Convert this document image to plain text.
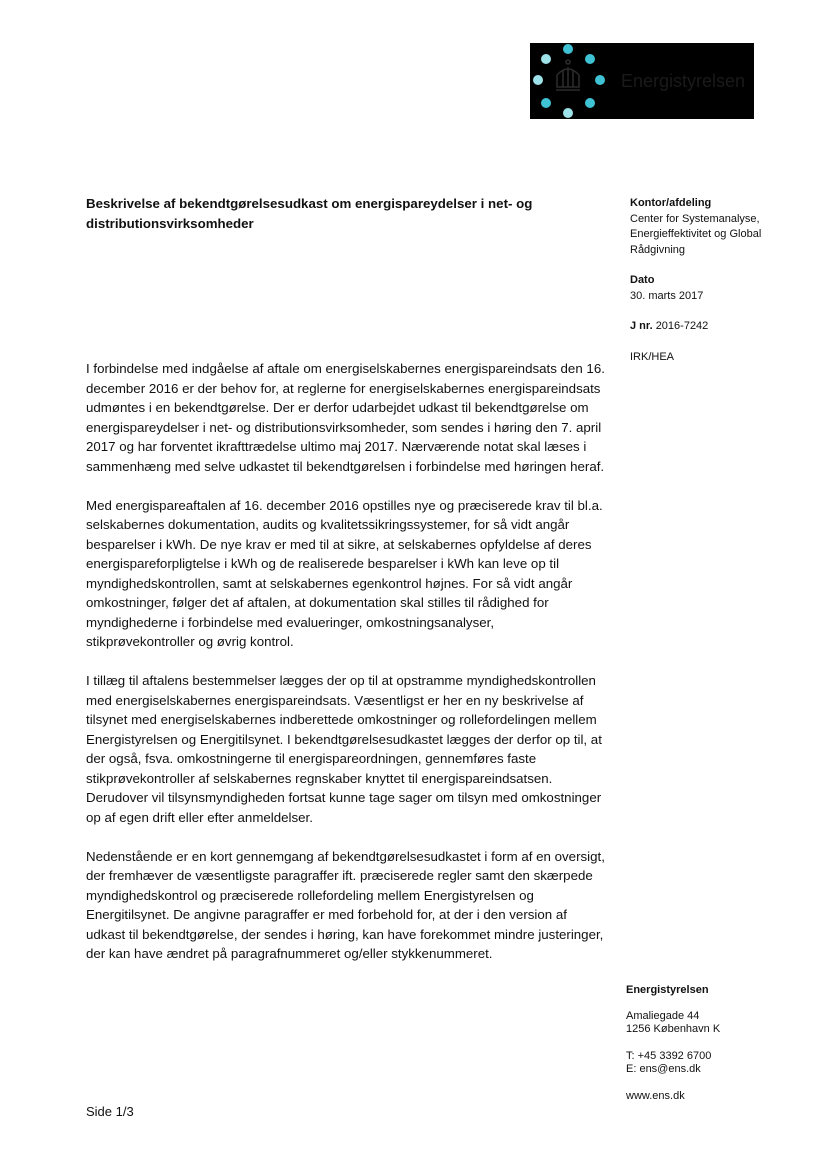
Energistyrelsen
Beskrivelse af bekendtgørelsesudkast om energispareydelser i net- og distributionsvirksomheder
Kontor/afdeling
Center for Systemanalyse,
Energieffektivitet og Global
Rådgivning
Dato
30. marts 2017
J nr. 2016-7242
IRK/HEA

I forbindelse med indgåelse af aftale om energiselskabernes energispareindsats den 16. december 2016 er der behov for, at reglerne for energiselskabernes energispareindsats udmøntes i en bekendtgørelse. Der er derfor udarbejdet udkast til bekendtgørelse om energispareydelser i net- og distributionsvirksomheder, som sendes i høring den 7. april 2017 og har forventet ikrafttrædelse ultimo maj 2017. Nærværende notat skal læses i sammenhæng med selve udkastet til bekendtgørelsen i forbindelse med høringen heraf.

Med energispareaftalen af 16. december 2016 opstilles nye og præciserede krav til bl.a. selskabernes dokumentation, audits og kvalitetssikringssystemer, for så vidt angår besparelser i kWh. De nye krav er med til at sikre, at selskabernes opfyldelse af deres energispareforpligtelse i kWh og de realiserede besparelser i kWh kan leve op til myndighedskontrollen, samt at selskabernes egenkontrol højnes. For så vidt angår omkostninger, følger det af aftalen, at dokumentation skal stilles til rådighed for myndighederne i forbindelse med evalueringer, omkostningsanalyser, stikprøvekontroller og øvrig kontrol.

I tillæg til aftalens bestemmelser lægges der op til at opstramme myndighedskontrollen med energiselskabernes energispareindsats. Væsentligst er her en ny beskrivelse af tilsynet med energiselskabernes indberettede omkostninger og rollefordelingen mellem Energistyrelsen og Energitilsynet. I bekendtgørelsesudkastet lægges der derfor op til, at der også, fsva. omkostningerne til energispareordningen, gennemføres faste stikprøvekontroller af selskabernes regnskaber knyttet til energispareindsatsen. Derudover vil tilsynsmyndigheden fortsat kunne tage sager om tilsyn med omkostninger op af egen drift eller efter anmeldelser.

Nedenstående er en kort gennemgang af bekendtgørelsesudkastet i form af en oversigt, der fremhæver de væsentligste paragraffer ift. præciserede regler samt den skærpede myndighedskontrol og præciserede rollefordeling mellem Energistyrelsen og Energitilsynet. De angivne paragraffer er med forbehold for, at der i den version af udkast til bekendtgørelse, der sendes i høring, kan have forekommet mindre justeringer, der kan have ændret på paragrafnummeret og/eller stykkenummeret.

Energistyrelsen
Amaliegade 44
1256 København K
T: +45 3392 6700
E: ens@ens.dk
www.ens.dk
Side 1/3
